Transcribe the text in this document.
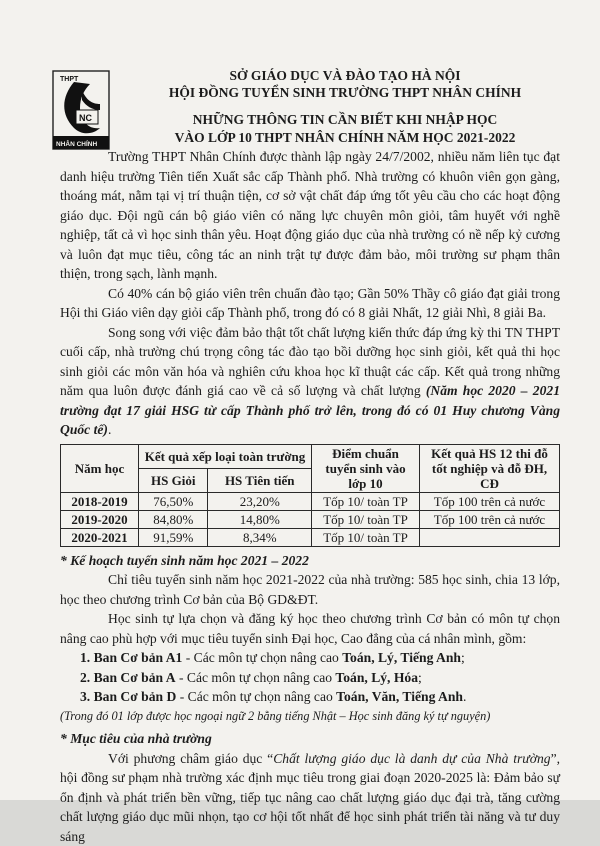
THPT
NC
NHÂN CHÍNH
SỞ GIÁO DỤC VÀ ĐÀO TẠO HÀ NỘI
HỘI ĐỒNG TUYỂN SINH TRƯỜNG THPT NHÂN CHÍNH
NHỮNG THÔNG TIN CẦN BIẾT KHI NHẬP HỌC
VÀO LỚP 10 THPT NHÂN CHÍNH NĂM HỌC 2021-2022

Trường THPT Nhân Chính được thành lập ngày 24/7/2002, nhiều năm liên tục đạt danh hiệu trường Tiên tiến Xuất sắc cấp Thành phố. Nhà trường có khuôn viên gọn gàng, thoáng mát, nằm tại vị trí thuận tiện, cơ sở vật chất đáp ứng tốt yêu cầu cho các hoạt động giáo dục. Đội ngũ cán bộ giáo viên có năng lực chuyên môn giỏi, tâm huyết với nghề nghiệp, tất cả vì học sinh thân yêu. Hoạt động giáo dục của nhà trường có nề nếp kỷ cương và luôn đạt mục tiêu, công tác an ninh trật tự được đảm bảo, môi trường sư phạm thân thiện, trong sạch, lành mạnh.

Có 40% cán bộ giáo viên trên chuẩn đào tạo; Gần 50% Thầy cô giáo đạt giải trong Hội thi Giáo viên dạy giỏi cấp Thành phố, trong đó có 8 giải Nhất, 12 giải Nhì, 8 giải Ba.

Song song với việc đảm bảo thật tốt chất lượng kiến thức đáp ứng kỳ thi TN THPT cuối cấp, nhà trường chú trọng công tác đào tạo bồi dưỡng học sinh giỏi, kết quả thi học sinh giỏi các môn văn hóa và nghiên cứu khoa học kĩ thuật các cấp. Kết quả trong những năm qua luôn được đánh giá cao về cả số lượng và chất lượng (Năm học 2020 – 2021 trường đạt 17 giải HSG từ cấp Thành phố trở lên, trong đó có 01 Huy chương Vàng Quốc tế).

Năm học	Kết quả xếp loại toàn trường		Điểm chuẩn tuyển sinh vào lớp 10	Kết quả HS 12 thi đỗ tốt nghiệp và đỗ ĐH, CĐ
	HS Giỏi	HS Tiên tiến		
2018-2019	76,50%	23,20%	Tốp 10/ toàn TP	Tốp 100 trên cả nước
2019-2020	84,80%	14,80%	Tốp 10/ toàn TP	Tốp 100 trên cả nước
2020-2021	91,59%	8,34%	Tốp 10/ toàn TP	

* Kế hoạch tuyển sinh năm học 2021 – 2022

Chỉ tiêu tuyển sinh năm học 2021-2022 của nhà trường: 585 học sinh, chia 13 lớp, học theo chương trình Cơ bản của Bộ GD&ĐT.

Học sinh tự lựa chọn và đăng ký học theo chương trình Cơ bản có môn tự chọn nâng cao phù hợp với mục tiêu tuyển sinh Đại học, Cao đẳng của cá nhân mình, gồm:

1. Ban Cơ bản A1 - Các môn tự chọn nâng cao Toán, Lý, Tiếng Anh;

2. Ban Cơ bản A - Các môn tự chọn nâng cao Toán, Lý, Hóa;

3. Ban Cơ bản D - Các môn tự chọn nâng cao Toán, Văn, Tiếng Anh.

(Trong đó 01 lớp được học ngoại ngữ 2 bằng tiếng Nhật – Học sinh đăng ký tự nguyện)

* Mục tiêu của nhà trường

Với phương châm giáo dục “Chất lượng giáo dục là danh dự của Nhà trường”, hội đồng sư phạm nhà trường xác định mục tiêu trong giai đoạn 2020-2025 là: Đảm bảo sự ổn định và phát triển bền vững, tiếp tục nâng cao chất lượng giáo dục đại trà, tăng cường chất lượng giáo dục mũi nhọn, tạo cơ hội tốt nhất để học sinh phát triển tài năng và tư duy sáng
